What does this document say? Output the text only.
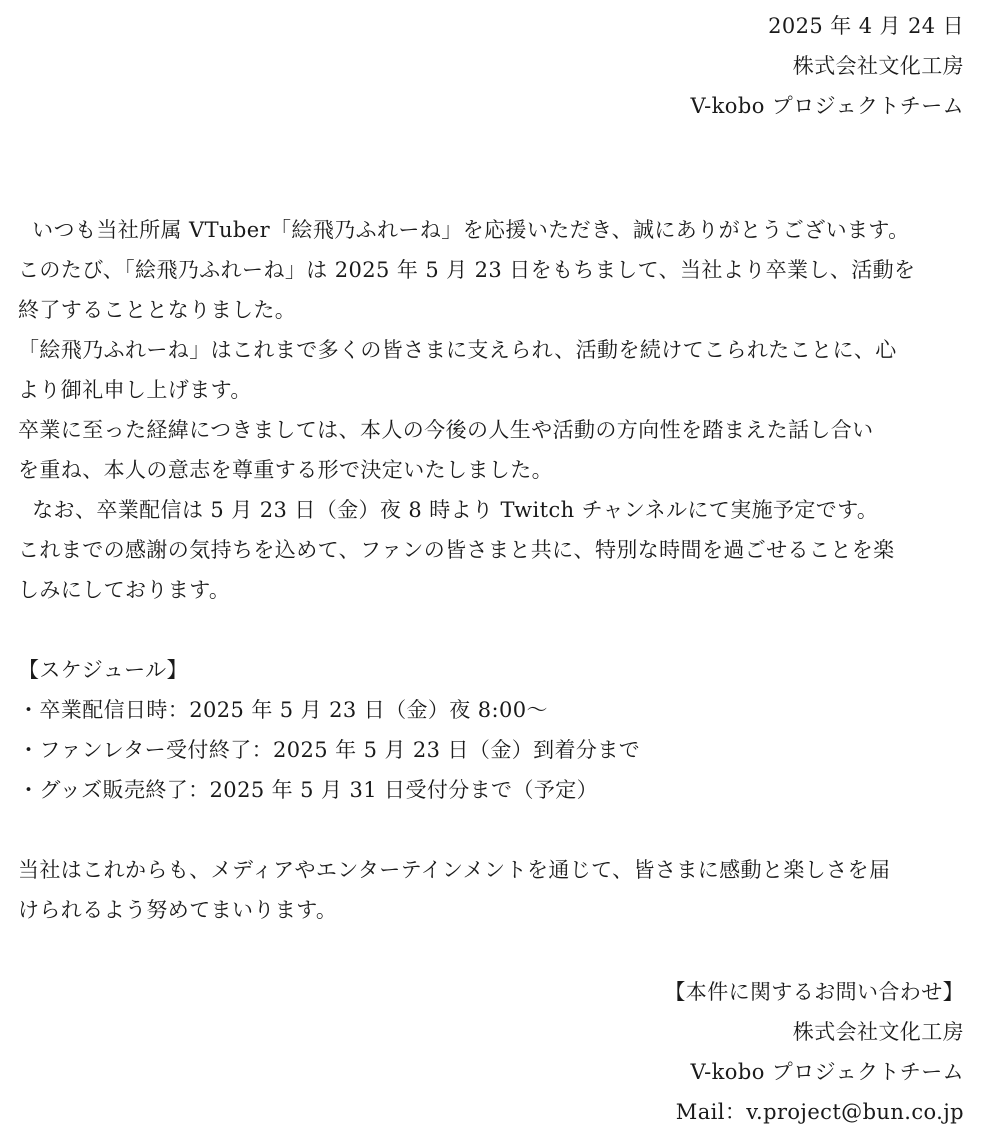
2025 年 4 月 24 日
株式会社文化工房
V-kobo プロジェクトチーム
いつも当社所属 VTuber「絵飛乃ふれーね」を応援いただき、誠にありがとうございます。
このたび、「絵飛乃ふれーね」は 2025 年 5 月 23 日をもちまして、当社より卒業し、活動を
終了することとなりました。
「絵飛乃ふれーね」はこれまで多くの皆さまに支えられ、活動を続けてこられたことに、心
より御礼申し上げます。
卒業に至った経緯につきましては、本人の今後の人生や活動の方向性を踏まえた話し合い
を重ね、本人の意志を尊重する形で決定いたしました。
なお、卒業配信は 5 月 23 日（金）夜 8 時より Twitch チャンネルにて実施予定です。
これまでの感謝の気持ちを込めて、ファンの皆さまと共に、特別な時間を過ごせることを楽
しみにしております。
【スケジュール】
・卒業配信日時：2025 年 5 月 23 日（金）夜 8:00～
・ファンレター受付終了：2025 年 5 月 23 日（金）到着分まで
・グッズ販売終了：2025 年 5 月 31 日受付分まで（予定）
当社はこれからも、メディアやエンターテインメントを通じて、皆さまに感動と楽しさを届
けられるよう努めてまいります。
【本件に関するお問い合わせ】
株式会社文化工房
V-kobo プロジェクトチーム
Mail：v.project@bun.co.jp
